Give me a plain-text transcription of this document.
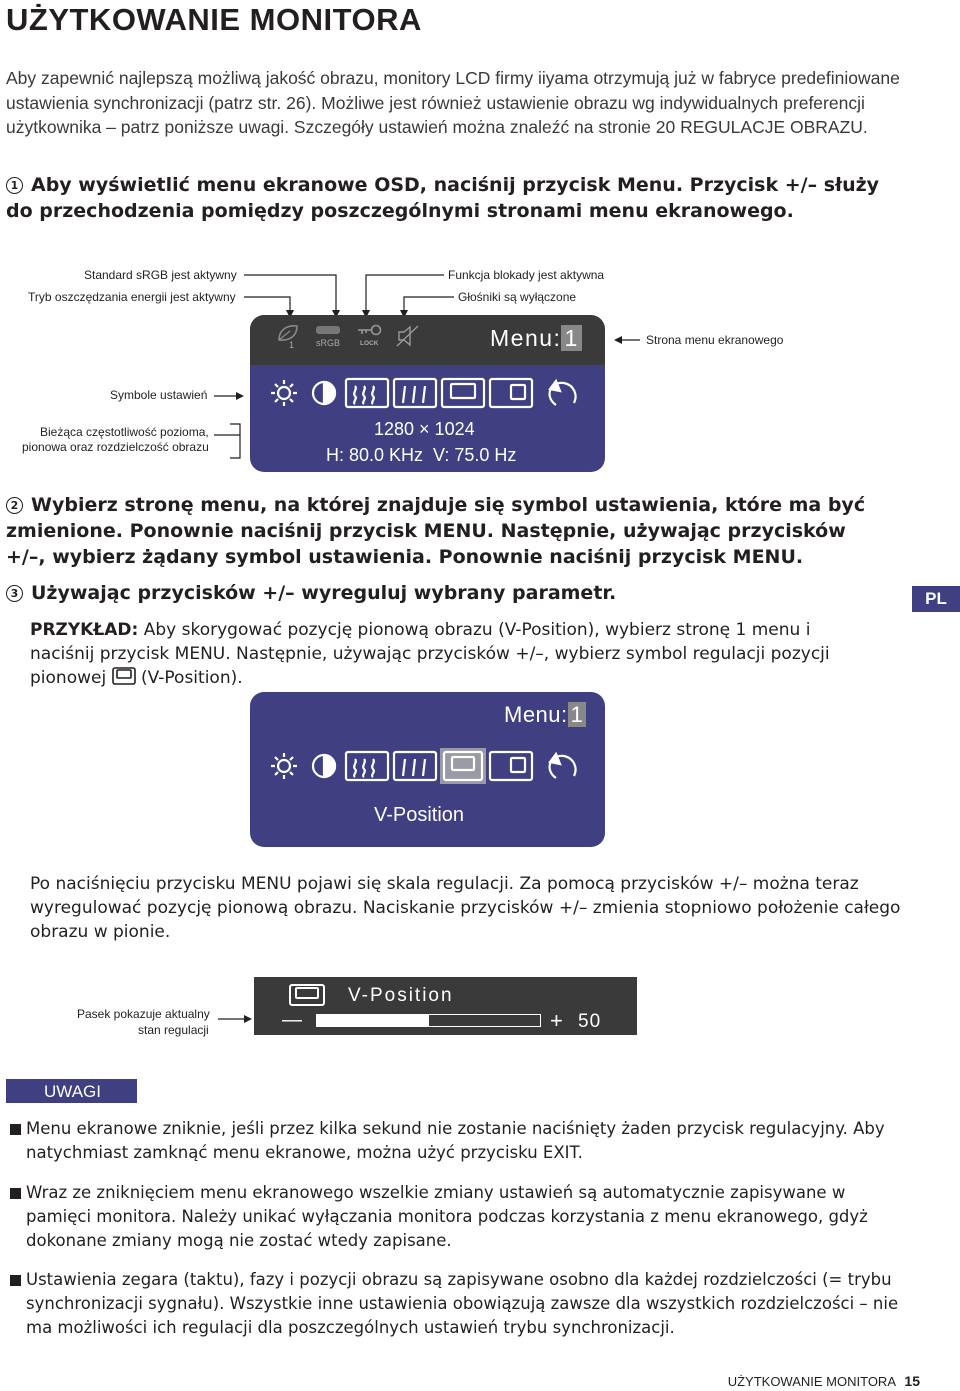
UŻYTKOWANIE MONITORA
Aby zapewnić najlepszą możliwą jakość obrazu, monitory LCD firmy iiyama otrzymują już w fabryce predefiniowane ustawienia synchronizacji (patrz str. 26). Możliwe jest również ustawienie obrazu wg indywidualnych preferencji użytkownika – patrz poniższe uwagi. Szczegóły ustawień można znaleźć na stronie 20 REGULACJE OBRAZU.
1 Aby wyświetlić menu ekranowe OSD, naciśnij przycisk Menu. Przycisk +/– służy do przechodzenia pomiędzy poszczególnymi stronami menu ekranowego.
Standard sRGB jest aktywny
Tryb oszczędzania energii jest aktywny
Funkcja blokady jest aktywna
Głośniki są wyłączone
Strona menu ekranowego
Symbole ustawień
Bieżąca częstotliwość pozioma,
pionowa oraz rozdzielczość obrazu
1 sRGB	LOCK	Menu: 1
1280 × 1024
H: 80.0 KHz  V: 75.0 Hz
2 Wybierz stronę menu, na której znajduje się symbol ustawienia, które ma być zmienione. Ponownie naciśnij przycisk MENU. Następnie, używając przycisków +/–, wybierz żądany symbol ustawienia. Ponownie naciśnij przycisk MENU.
3 Używając przycisków +/– wyreguluj wybrany parametr.	PL
PRZYKŁAD: Aby skorygować pozycję pionową obrazu (V-Position), wybierz stronę 1 menu i naciśnij przycisk MENU. Następnie, używając przycisków +/–, wybierz symbol regulacji pozycji pionowej  (V-Position).
Menu: 1
V-Position
Po naciśnięciu przycisku MENU pojawi się skala regulacji. Za pomocą przycisków +/– można teraz wyregulować pozycję pionową obrazu. Naciskanie przycisków +/– zmienia stopniowo położenie całego obrazu w pionie.
Pasek pokazuje aktualny
stan regulacji
V-Position
—	+ 50
UWAGI
Menu ekranowe zniknie, jeśli przez kilka sekund nie zostanie naciśnięty żaden przycisk regulacyjny. Aby natychmiast zamknąć menu ekranowe, można użyć przycisku EXIT.
Wraz ze zniknięciem menu ekranowego wszelkie zmiany ustawień są automatycznie zapisywane w pamięci monitora. Należy unikać wyłączania monitora podczas korzystania z menu ekranowego, gdyż dokonane zmiany mogą nie zostać wtedy zapisane.
Ustawienia zegara (taktu), fazy i pozycji obrazu są zapisywane osobno dla każdej rozdzielczości (= trybu synchronizacji sygnału). Wszystkie inne ustawienia obowiązują zawsze dla wszystkich rozdzielczości – nie ma możliwości ich regulacji dla poszczególnych ustawień trybu synchronizacji.
UŻYTKOWANIE MONITORA 15
